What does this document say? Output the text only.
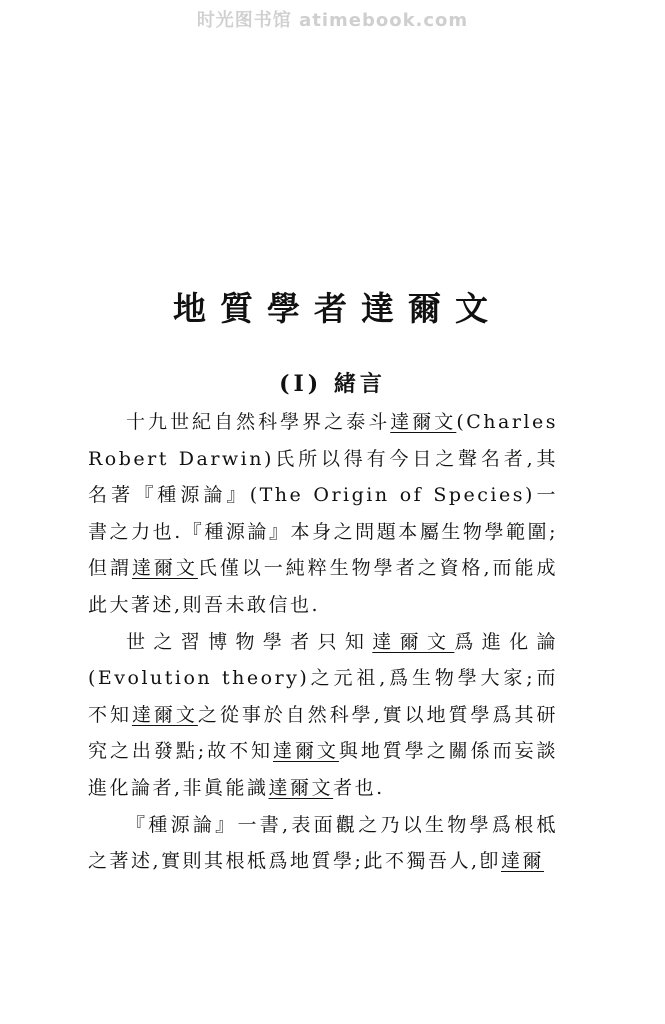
时光图书馆 atimebook.com
地質學者達爾文
(I) 緒言

十九世紀自然科學界之泰斗達爾文(Charles Robert Darwin)氏所以得有今日之聲名者,其名著『種源論』(The Origin of Species)一書之力也.『種源論』本身之問題本屬生物學範圍;但謂達爾文氏僅以一純粹生物學者之資格,而能成此大著述,則吾未敢信也.

世之習博物學者只知達爾文爲進化論(Evolution theory)之元祖,爲生物學大家;而不知達爾文之從事於自然科學,實以地質學爲其研究之出發點;故不知達爾文與地質學之關係而妄談進化論者,非眞能識達爾文者也.

『種源論』一書,表面觀之乃以生物學爲根柢之著述,實則其根柢爲地質學;此不獨吾人,卽達爾
